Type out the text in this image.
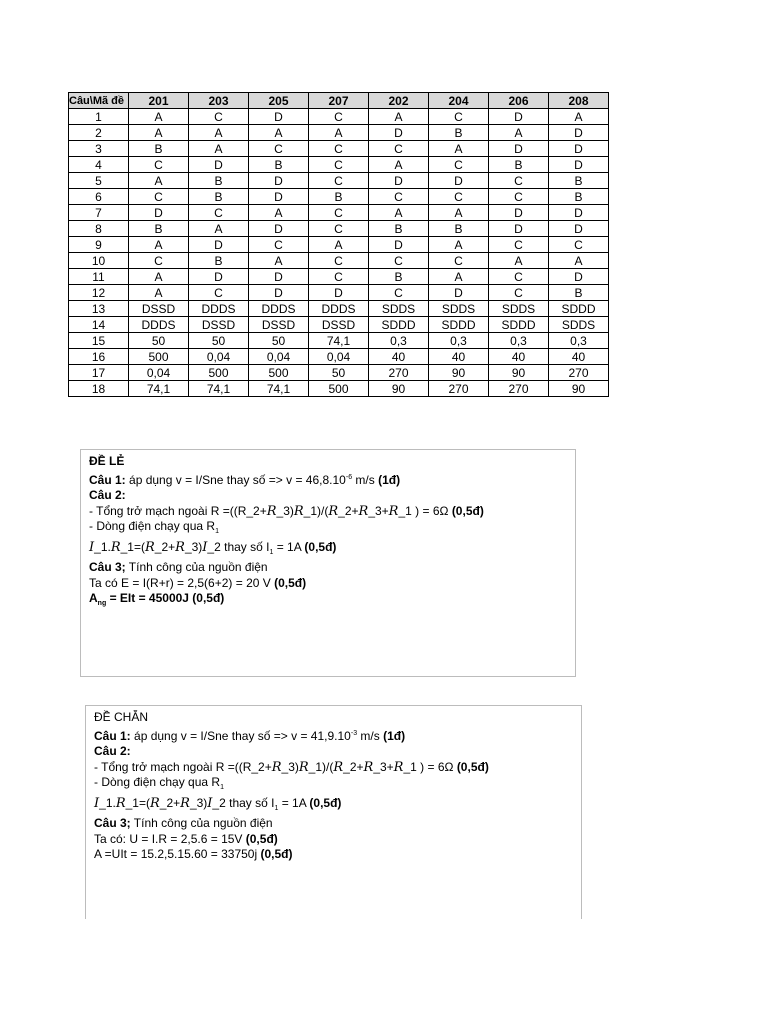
Câu\Mã đề	201	203	205	207	202	204	206	208
1	A	C	D	C	A	C	D	A
2	A	A	A	A	D	B	A	D
3	B	A	C	C	C	A	D	D
4	C	D	B	C	A	C	B	D
5	A	B	D	C	D	D	C	B
6	C	B	D	B	C	C	C	B
7	D	C	A	C	A	A	D	D
8	B	A	D	C	B	B	D	D
9	A	D	C	A	D	A	C	C
10	C	B	A	C	C	C	A	A
11	A	D	D	C	B	A	C	D
12	A	C	D	D	C	D	C	B
13	DSSD	DDDS	DDDS	DDDS	SDDS	SDDS	SDDS	SDDD
14	DDDS	DSSD	DSSD	DSSD	SDDD	SDDD	SDDD	SDDS
15	50	50	50	74,1	0,3	0,3	0,3	0,3
16	500	0,04	0,04	0,04	40	40	40	40
17	0,04	500	500	50	270	90	90	270
18	74,1	74,1	74,1	500	90	270	270	90
ĐỀ LẺ
Câu 1: áp dụng v = I/Sne thay số => $v = 46,8.10^{-6}$ m/s (1đ)
Câu 2:
- Tổng trở mạch ngoài R =((R_2+R_3)R_1)/(R_2+R_3+R_1 ) = 6Ω (0,5đ)
- Dòng điện chạy qua $R_1$
I_1.R_1=(R_2+R_3)I_2 thay số $I_1 = 1A$ (0,5đ)
Câu 3; Tính công của nguồn điện
Ta có E = I(R+r) = 2,5(6+2) = 20 V (0,5đ)
$A_{ng}$ = EIt = 45000J (0,5đ)
ĐỀ CHẴN
Câu 1: áp dụng v = I/Sne thay số => $v = 41,9.10^{-3}$ m/s (1đ)
Câu 2:
- Tổng trở mạch ngoài R =((R_2+R_3)R_1)/(R_2+R_3+R_1 ) = 6Ω (0,5đ)
- Dòng điện chạy qua $R_1$
I_1.R_1=(R_2+R_3)I_2 thay số $I_1 = 1A$ (0,5đ)
Câu 3; Tính công của nguồn điện
Ta có: U = I.R = 2,5.6 = 15V (0,5đ)
A =UIt = 15.2,5.15.60 = 33750j (0,5đ)
